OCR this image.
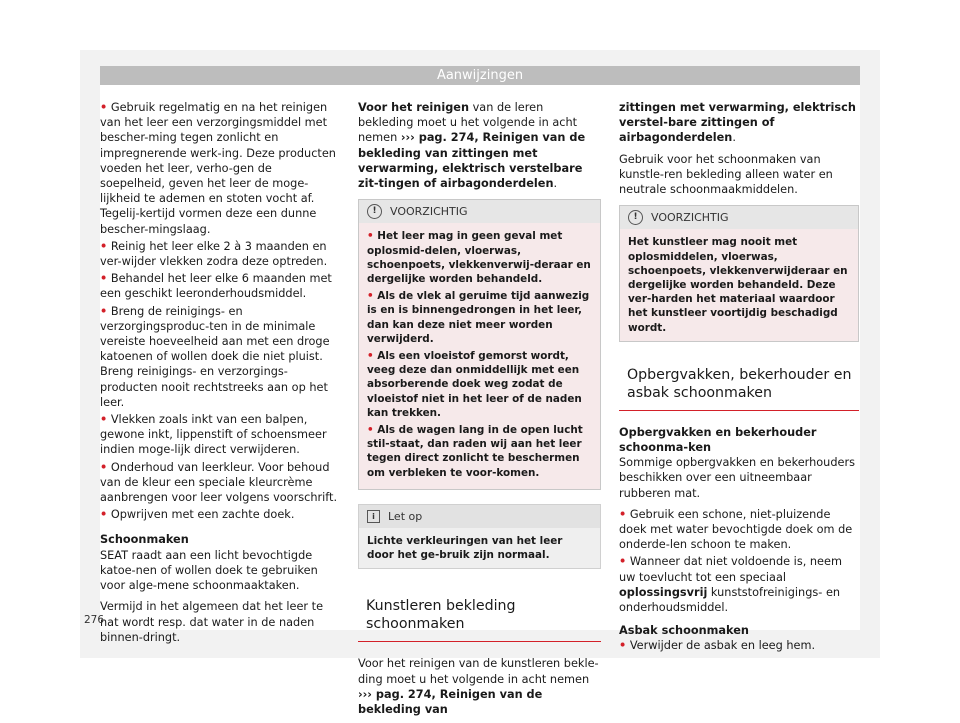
Aanwijzingen

• Gebruik regelmatig en na het reinigen van het leer een verzorgingsmiddel met bescher-ming tegen zonlicht en impregnerende werk-ing. Deze producten voeden het leer, verho-gen de soepelheid, geven het leer de moge-lijkheid te ademen en stoten vocht af. Tegelij-kertijd vormen deze een dunne bescher-mingslaag.

• Reinig het leer elke 2 à 3 maanden en ver-wijder vlekken zodra deze optreden.

• Behandel het leer elke 6 maanden met een geschikt leeronderhoudsmiddel.

• Breng de reinigings- en verzorgingsproduc-ten in de minimale vereiste hoeveelheid aan met een droge katoenen of wollen doek die niet pluist. Breng reinigings- en verzorgings-producten nooit rechtstreeks aan op het leer.

• Vlekken zoals inkt van een balpen, gewone inkt, lippenstift of schoensmeer indien moge-lijk direct verwijderen.

• Onderhoud van leerkleur. Voor behoud van de kleur een speciale kleurcrème aanbrengen voor leer volgens voorschrift.

• Opwrijven met een zachte doek.

Schoonmaken

SEAT raadt aan een licht bevochtigde katoe-nen of wollen doek te gebruiken voor alge-mene schoonmaaktaken.

Vermijd in het algemeen dat het leer te nat wordt resp. dat water in de naden binnen-dringt.

Voor het reinigen van de leren bekleding moet u het volgende in acht nemen ››› pag. 274, Reinigen van de bekleding van zittingen met verwarming, elektrisch verstelbare zit-tingen of airbagonderdelen.

!	VOORZICHTIG

• Het leer mag in geen geval met oplosmid-delen, vloerwas, schoenpoets, vlekkenverwij-deraar en dergelijke worden behandeld.

• Als de vlek al geruime tijd aanwezig is en is binnengedrongen in het leer, dan kan deze niet meer worden verwijderd.

• Als een vloeistof gemorst wordt, veeg deze dan onmiddellijk met een absorberende doek weg zodat de vloeistof niet in het leer of de naden kan trekken.

• Als de wagen lang in de open lucht stil-staat, dan raden wij aan het leer tegen direct zonlicht te beschermen om verbleken te voor-komen.

i	Let op
Lichte verkleuringen van het leer door het ge-bruik zijn normaal.
Kunstleren bekleding schoonmaken

Voor het reinigen van de kunstleren bekle-ding moet u het volgende in acht nemen ››› pag. 274, Reinigen van de bekleding van

zittingen met verwarming, elektrisch verstel-bare zittingen of airbagonderdelen.

Gebruik voor het schoonmaken van kunstle-ren bekleding alleen water en neutrale schoonmaakmiddelen.

!	VOORZICHTIG
Het kunstleer mag nooit met oplosmiddelen, vloerwas, schoenpoets, vlekkenverwijderaar en dergelijke worden behandeld. Deze ver-harden het materiaal waardoor het kunstleer voortijdig beschadigd wordt.
Opbergvakken, bekerhouder en asbak schoonmaken

Opbergvakken en bekerhouder schoonma-ken

Sommige opbergvakken en bekerhouders beschikken over een uitneembaar rubberen mat.

• Gebruik een schone, niet-pluizende doek met water bevochtigde doek om de onderde-len schoon te maken.

• Wanneer dat niet voldoende is, neem uw toevlucht tot een speciaal oplossingsvrij kunststofreinigings- en onderhoudsmiddel.

Asbak schoonmaken

• Verwijder de asbak en leeg hem.

276
